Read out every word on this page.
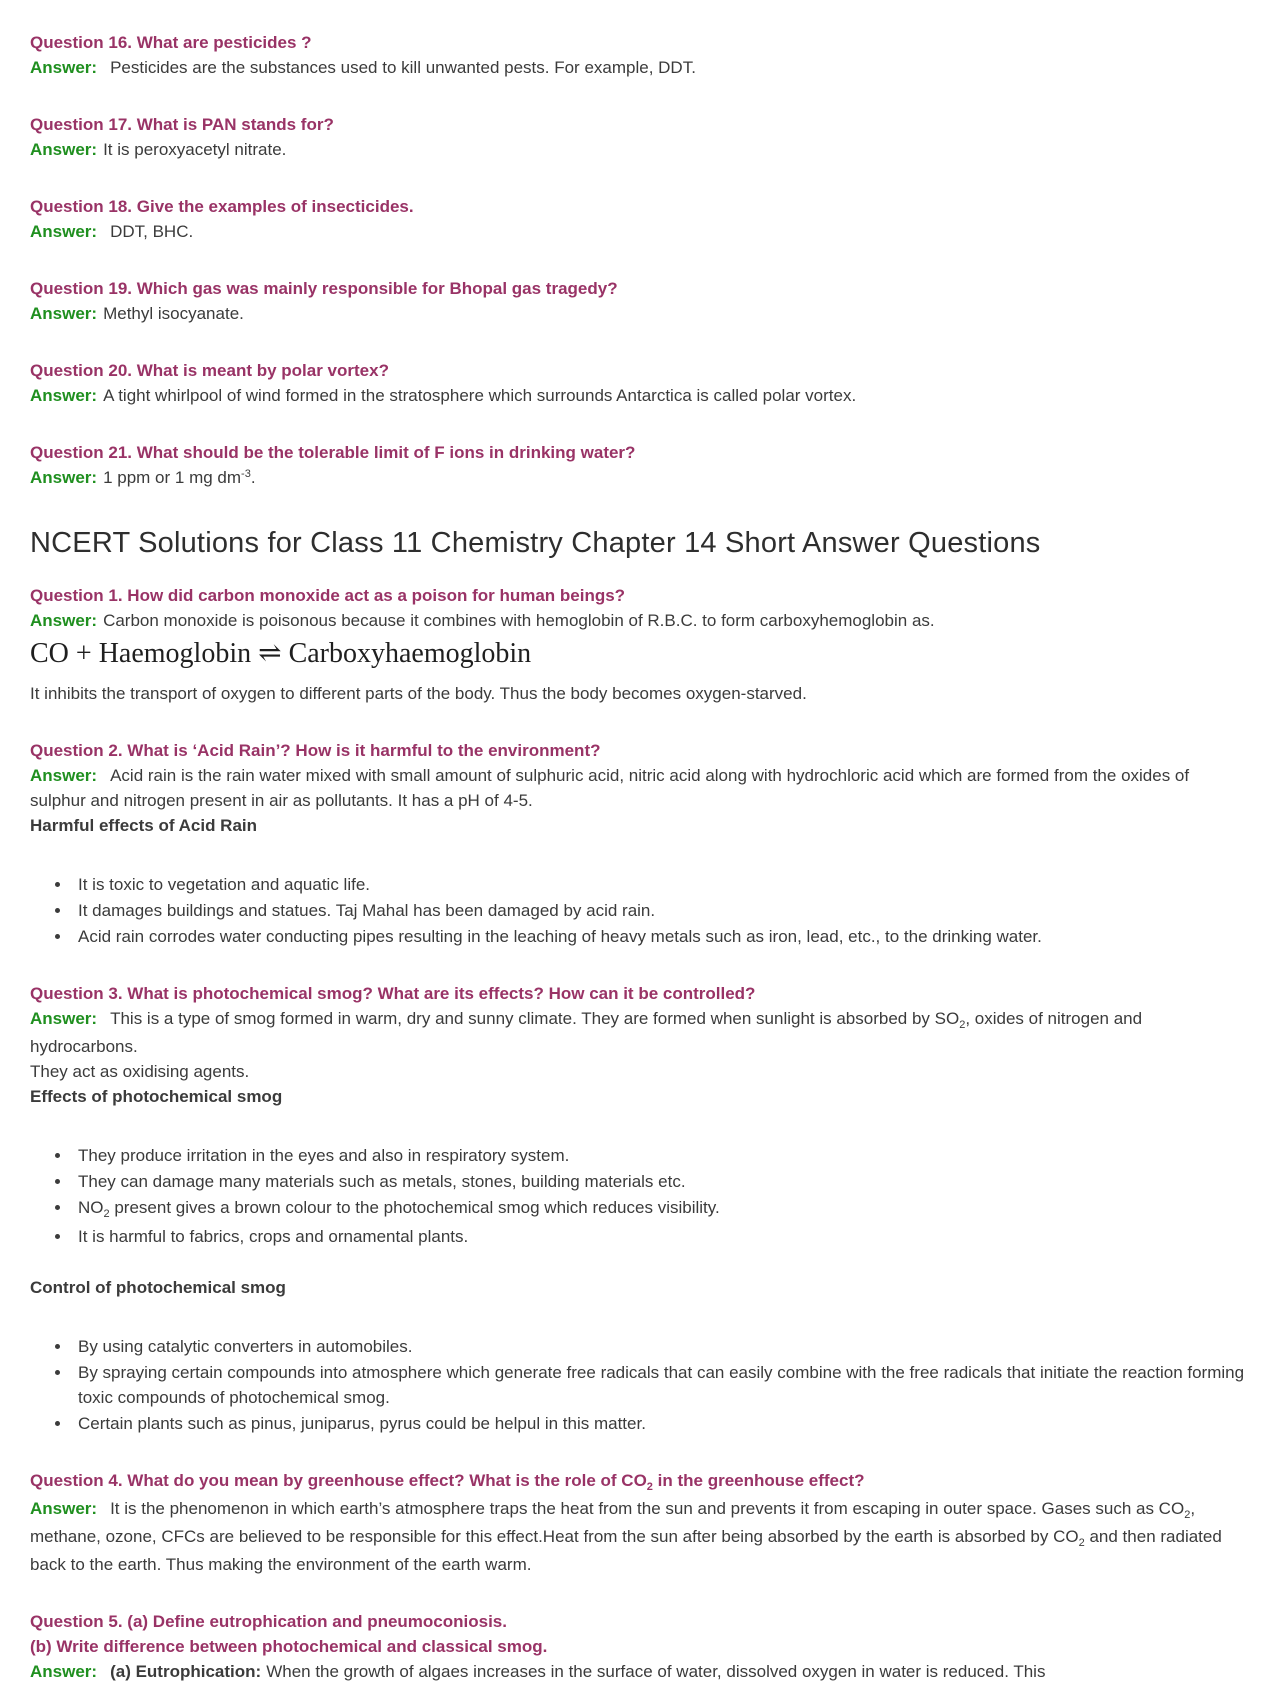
Question 16. What are pesticides ?

Answer: Pesticides are the substances used to kill unwanted pests. For example, DDT.

Question 17. What is PAN stands for?

Answer: It is peroxyacetyl nitrate.

Question 18. Give the examples of insecticides.

Answer: DDT, BHC.

Question 19. Which gas was mainly responsible for Bhopal gas tragedy?

Answer: Methyl isocyanate.

Question 20. What is meant by polar vortex?

Answer: A tight whirlpool of wind formed in the stratosphere which surrounds Antarctica is called polar vortex.

Question 21. What should be the tolerable limit of F ions in drinking water?

Answer: 1 ppm or 1 mg $dm^{-3}$.

NCERT Solutions for Class 11 Chemistry Chapter 14 Short Answer Questions

Question 1. How did carbon monoxide act as a poison for human beings?

Answer: Carbon monoxide is poisonous because it combines with hemoglobin of R.B.C. to form carboxyhemoglobin as.

CO + Haemoglobin ⇌ Carboxyhaemoglobin

It inhibits the transport of oxygen to different parts of the body. Thus the body becomes oxygen-starved.

Question 2. What is ‘Acid Rain’? How is it harmful to the environment?

Answer: Acid rain is the rain water mixed with small amount of sulphuric acid, nitric acid along with hydrochloric acid which are formed from the oxides of sulphur and nitrogen present in air as pollutants. It has a pH of 4-5.

Harmful effects of Acid Rain

• It is toxic to vegetation and aquatic life.
• It damages buildings and statues. Taj Mahal has been damaged by acid rain.
• Acid rain corrodes water conducting pipes resulting in the leaching of heavy metals such as iron, lead, etc., to the drinking water.

Question 3. What is photochemical smog? What are its effects? How can it be controlled?

Answer: This is a type of smog formed in warm, dry and sunny climate. They are formed when sunlight is absorbed by $SO_2$, oxides of nitrogen and hydrocarbons.

They act as oxidising agents.

Effects of photochemical smog

• They produce irritation in the eyes and also in respiratory system.
• They can damage many materials such as metals, stones, building materials etc.
• $NO_2$ present gives a brown colour to the photochemical smog which reduces visibility.
• It is harmful to fabrics, crops and ornamental plants.

Control of photochemical smog

• By using catalytic converters in automobiles.
• By spraying certain compounds into atmosphere which generate free radicals that can easily combine with the free radicals that initiate the reaction forming toxic compounds of photochemical smog.
• Certain plants such as pinus, juniparus, pyrus could be helpul in this matter.

Question 4. What do you mean by greenhouse effect? What is the role of $CO_2$ in the greenhouse effect?

Answer: It is the phenomenon in which earth’s atmosphere traps the heat from the sun and prevents it from escaping in outer space. Gases such as $CO_2$, methane, ozone, CFCs are believed to be responsible for this effect.Heat from the sun after being absorbed by the earth is absorbed by $CO_2$ and then radiated back to the earth. Thus making the environment of the earth warm.

Question 5. (a) Define eutrophication and pneumoconiosis.

(b) Write difference between photochemical and classical smog.

Answer: (a) Eutrophication: When the growth of algaes increases in the surface of water, dissolved oxygen in water is reduced. This
